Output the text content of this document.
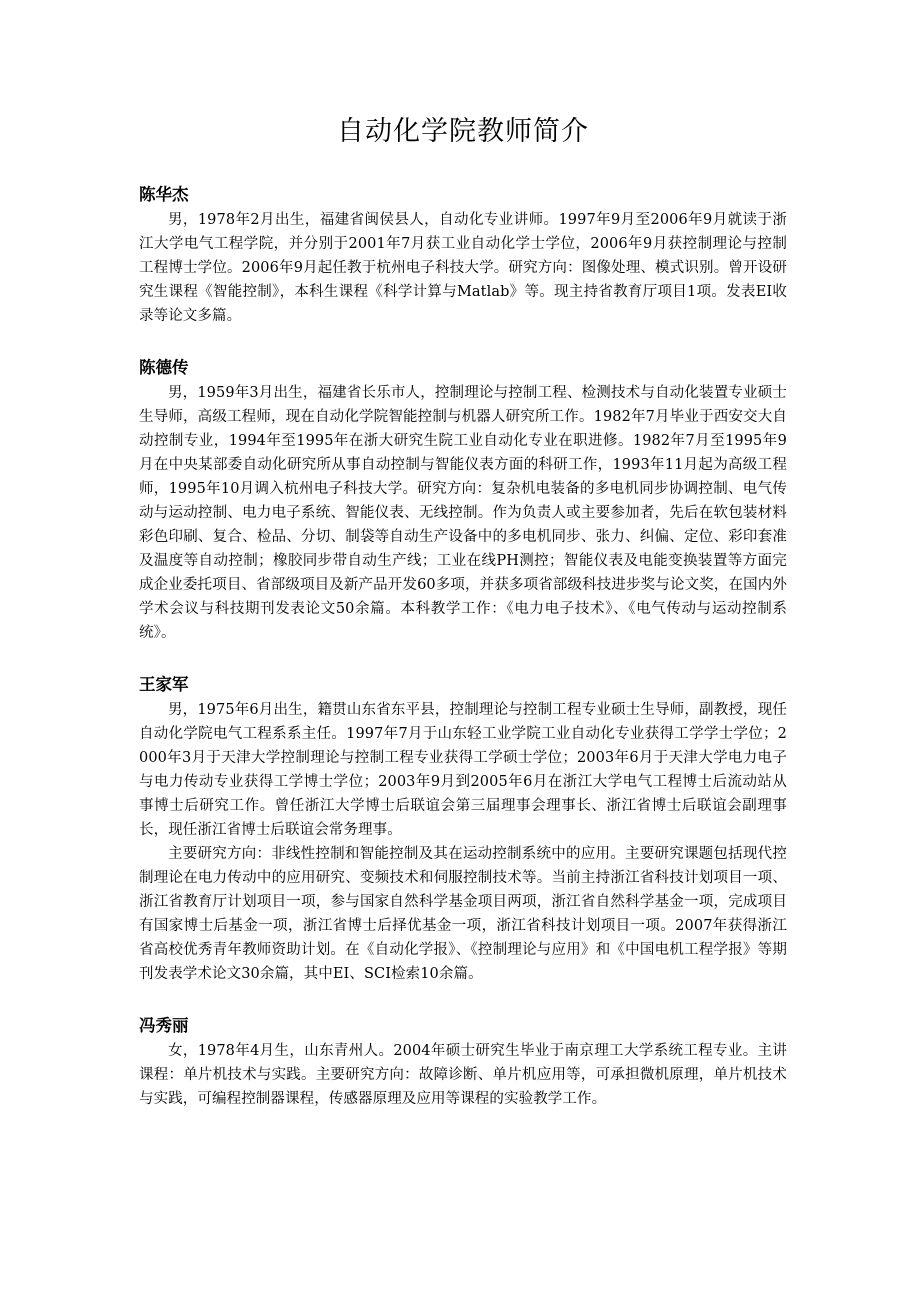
自动化学院教师简介
陈华杰

男，1978年2月出生，福建省闽侯县人，自动化专业讲师。1997年9月至2006年9月就读于浙江大学电气工程学院，并分别于2001年7月获工业自动化学士学位，2006年9月获控制理论与控制工程博士学位。2006年9月起任教于杭州电子科技大学。研究方向：图像处理、模式识别。曾开设研究生课程《智能控制》，本科生课程《科学计算与Matlab》等。现主持省教育厅项目1项。发表EI收录等论文多篇。

陈德传

男，1959年3月出生，福建省长乐市人，控制理论与控制工程、检测技术与自动化装置专业硕士生导师，高级工程师，现在自动化学院智能控制与机器人研究所工作。1982年7月毕业于西安交大自动控制专业，1994年至1995年在浙大研究生院工业自动化专业在职进修。1982年7月至1995年9月在中央某部委自动化研究所从事自动控制与智能仪表方面的科研工作，1993年11月起为高级工程师，1995年10月调入杭州电子科技大学。研究方向：复杂机电装备的多电机同步协调控制、电气传动与运动控制、电力电子系统、智能仪表、无线控制。作为负责人或主要参加者，先后在软包装材料彩色印刷、复合、检品、分切、制袋等自动生产设备中的多电机同步、张力、纠偏、定位、彩印套准及温度等自动控制；橡胶同步带自动生产线；工业在线PH测控；智能仪表及电能变换装置等方面完成企业委托项目、省部级项目及新产品开发60多项，并获多项省部级科技进步奖与论文奖，在国内外学术会议与科技期刊发表论文50余篇。本科教学工作：《电力电子技术》、《电气传动与运动控制系统》。

王家军

男，1975年6月出生，籍贯山东省东平县，控制理论与控制工程专业硕士生导师，副教授，现任自动化学院电气工程系系主任。1997年7月于山东轻工业学院工业自动化专业获得工学学士学位；2000年3月于天津大学控制理论与控制工程专业获得工学硕士学位；2003年6月于天津大学电力电子与电力传动专业获得工学博士学位；2003年9月到2005年6月在浙江大学电气工程博士后流动站从事博士后研究工作。曾任浙江大学博士后联谊会第三届理事会理事长、浙江省博士后联谊会副理事长，现任浙江省博士后联谊会常务理事。

主要研究方向：非线性控制和智能控制及其在运动控制系统中的应用。主要研究课题包括现代控制理论在电力传动中的应用研究、变频技术和伺服控制技术等。当前主持浙江省科技计划项目一项、浙江省教育厅计划项目一项，参与国家自然科学基金项目两项，浙江省自然科学基金一项，完成项目有国家博士后基金一项，浙江省博士后择优基金一项，浙江省科技计划项目一项。2007年获得浙江省高校优秀青年教师资助计划。在《自动化学报》、《控制理论与应用》和《中国电机工程学报》等期刊发表学术论文30余篇，其中EI、SCI检索10余篇。

冯秀丽

女，1978年4月生，山东青州人。2004年硕士研究生毕业于南京理工大学系统工程专业。主讲课程：单片机技术与实践。主要研究方向：故障诊断、单片机应用等，可承担微机原理，单片机技术与实践，可编程控制器课程，传感器原理及应用等课程的实验教学工作。
